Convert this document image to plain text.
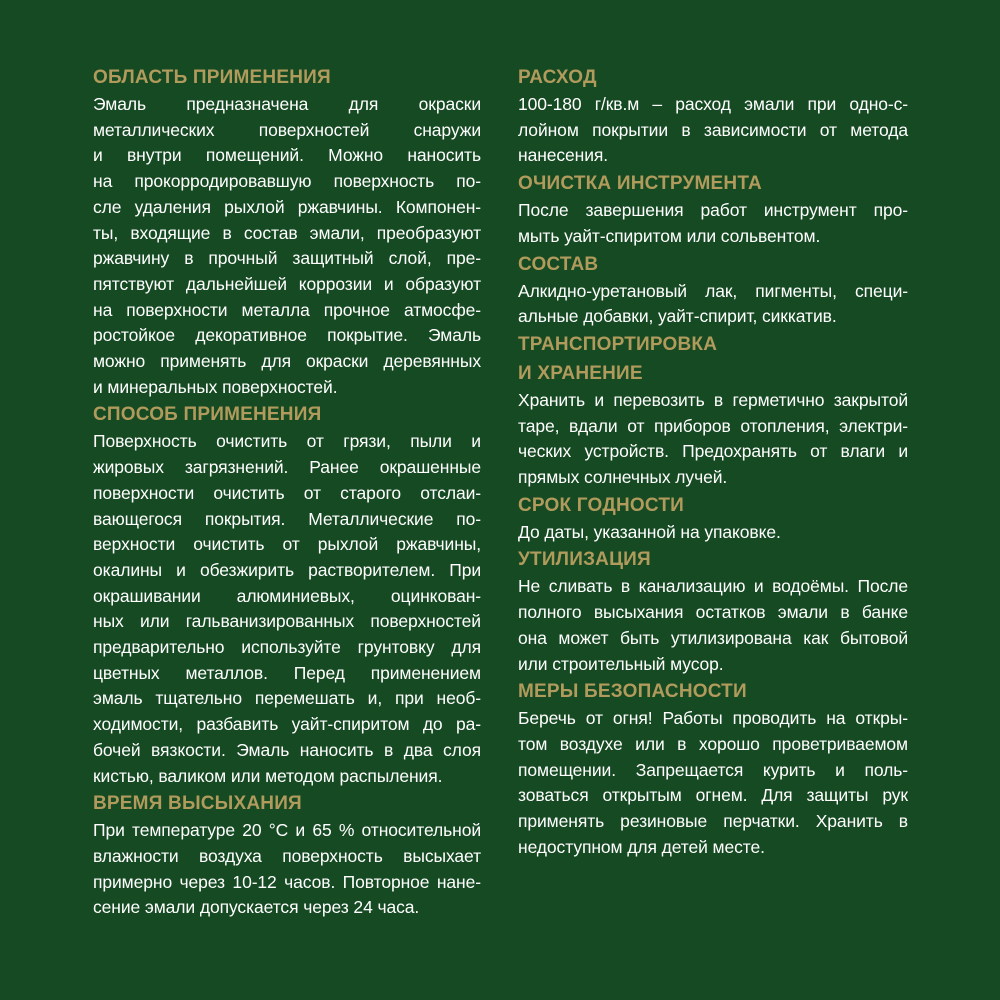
ОБЛАСТЬ ПРИМЕНЕНИЯ
Эмаль предназначена для окраски
металлических поверхностей снаружи
и внутри помещений. Можно наносить
на прокорродировавшую поверхность по-
сле удаления рыхлой ржавчины. Компонен-
ты, входящие в состав эмали, преобразуют
ржавчину в прочный защитный слой, пре-
пятствуют дальнейшей коррозии и образуют
на поверхности металла прочное атмосфе-
ростойкое декоративное покрытие. Эмаль
можно применять для окраски деревянных
и минеральных поверхностей.
СПОСОБ ПРИМЕНЕНИЯ
Поверхность очистить от грязи, пыли и
жировых загрязнений. Ранее окрашенные
поверхности очистить от старого отслаи-
вающегося покрытия. Металлические по-
верхности очистить от рыхлой ржавчины,
окалины и обезжирить растворителем. При
окрашивании алюминиевых, оцинкован-
ных или гальванизированных поверхностей
предварительно используйте грунтовку для
цветных металлов. Перед применением
эмаль тщательно перемешать и, при необ-
ходимости, разбавить уайт-спиритом до ра-
бочей вязкости. Эмаль наносить в два слоя
кистью, валиком или методом распыления.
ВРЕМЯ ВЫСЫХАНИЯ
При температуре 20 °С и 65 % относительной
влажности воздуха поверхность высыхает
примерно через 10-12 часов. Повторное нане-
сение эмали допускается через 24 часа.
РАСХОД
100-180 г/кв.м – расход эмали при одно-с-
лойном покрытии в зависимости от метода
нанесения.
ОЧИСТКА ИНСТРУМЕНТА
После завершения работ инструмент про-
мыть уайт-спиритом или сольвентом.
СОСТАВ
Алкидно-уретановый лак, пигменты, специ-
альные добавки, уайт-спирит, сиккатив.
ТРАНСПОРТИРОВКА
И ХРАНЕНИЕ
Хранить и перевозить в герметично закрытой
таре, вдали от приборов отопления, электри-
ческих устройств. Предохранять от влаги и
прямых солнечных лучей.
СРОК ГОДНОСТИ
До даты, указанной на упаковке.
УТИЛИЗАЦИЯ
Не сливать в канализацию и водоёмы. После
полного высыхания остатков эмали в банке
она может быть утилизирована как бытовой
или строительный мусор.
МЕРЫ БЕЗОПАСНОСТИ
Беречь от огня! Работы проводить на откры-
том воздухе или в хорошо проветриваемом
помещении. Запрещается курить и поль-
зоваться открытым огнем. Для защиты рук
применять резиновые перчатки. Хранить в
недоступном для детей месте.
